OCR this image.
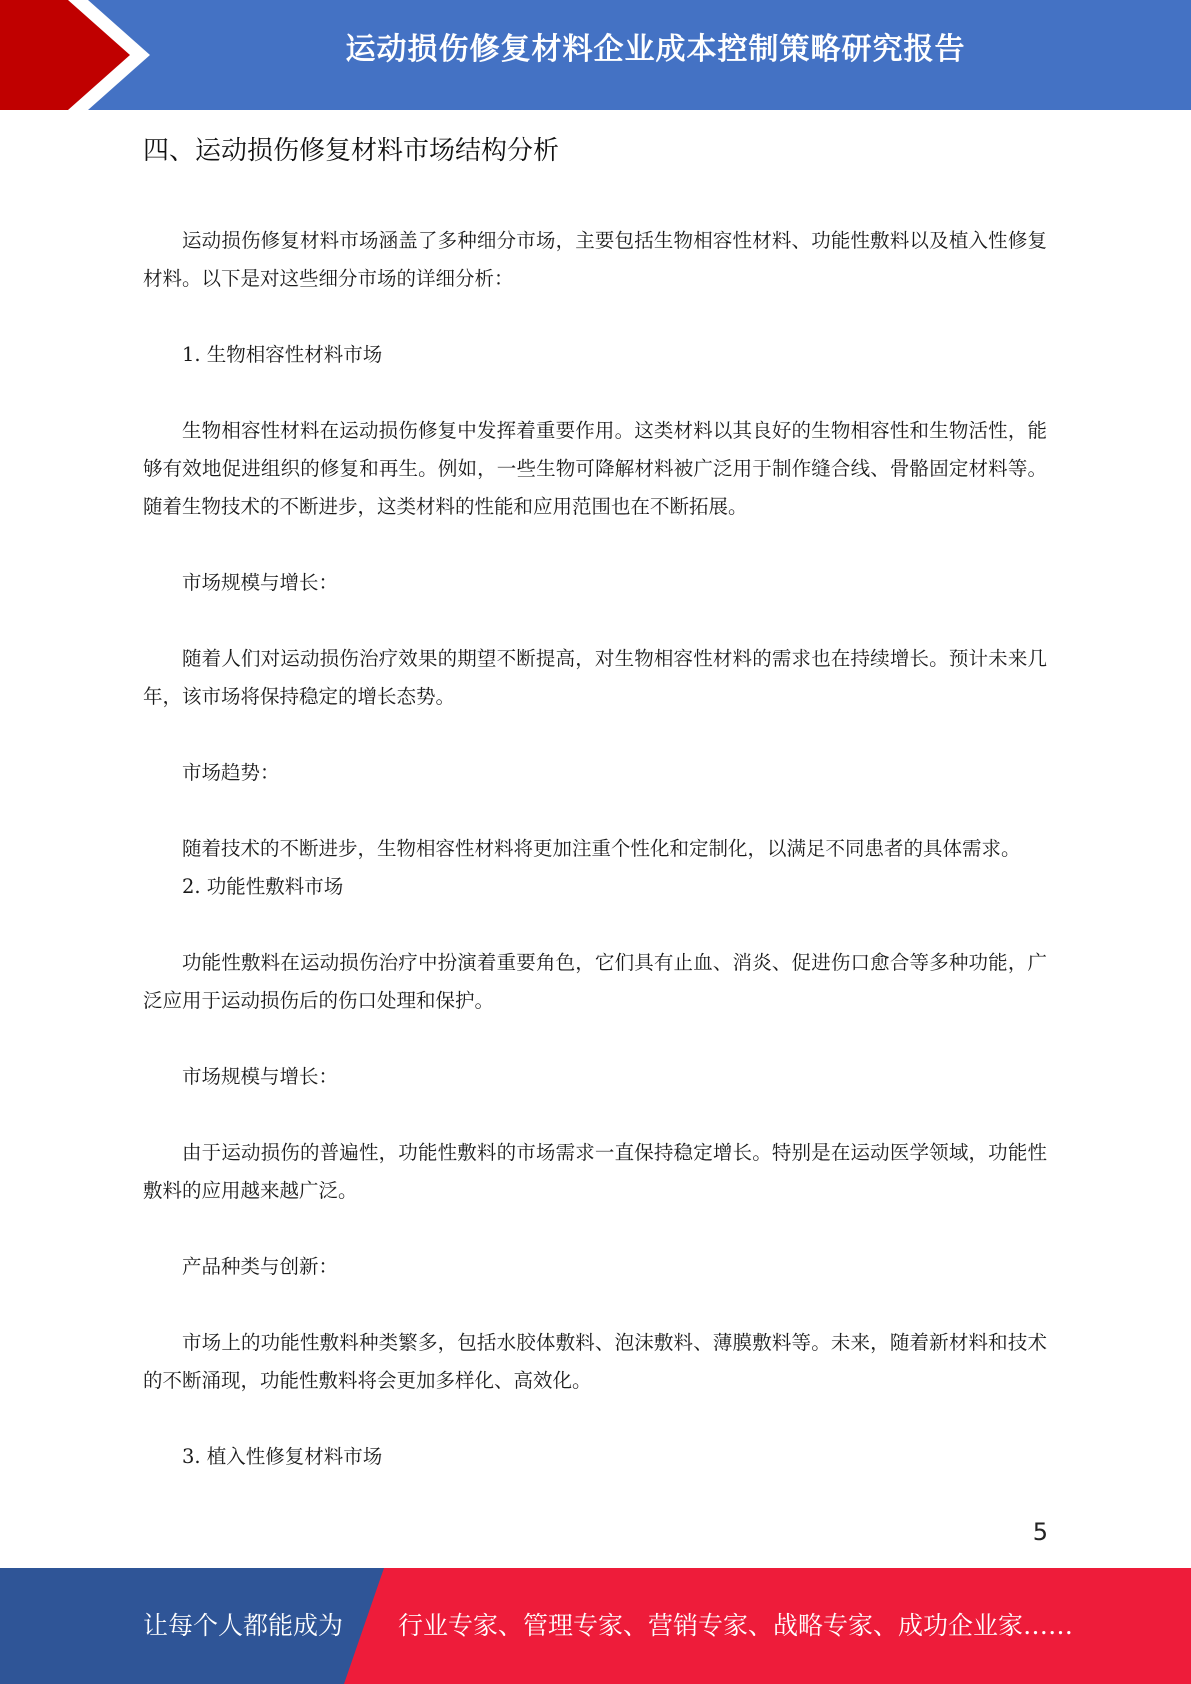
运动损伤修复材料企业成本控制策略研究报告
四、运动损伤修复材料市场结构分析

运动损伤修复材料市场涵盖了多种细分市场，主要包括生物相容性材料、功能性敷料以及植入性修复材料。以下是对这些细分市场的详细分析：

1. 生物相容性材料市场

生物相容性材料在运动损伤修复中发挥着重要作用。这类材料以其良好的生物相容性和生物活性，能够有效地促进组织的修复和再生。例如，一些生物可降解材料被广泛用于制作缝合线、骨骼固定材料等。随着生物技术的不断进步，这类材料的性能和应用范围也在不断拓展。

市场规模与增长：

随着人们对运动损伤治疗效果的期望不断提高，对生物相容性材料的需求也在持续增长。预计未来几年，该市场将保持稳定的增长态势。

市场趋势：

随着技术的不断进步，生物相容性材料将更加注重个性化和定制化，以满足不同患者的具体需求。

2. 功能性敷料市场

功能性敷料在运动损伤治疗中扮演着重要角色，它们具有止血、消炎、促进伤口愈合等多种功能，广泛应用于运动损伤后的伤口处理和保护。

市场规模与增长：

由于运动损伤的普遍性，功能性敷料的市场需求一直保持稳定增长。特别是在运动医学领域，功能性敷料的应用越来越广泛。

产品种类与创新：

市场上的功能性敷料种类繁多，包括水胶体敷料、泡沫敷料、薄膜敷料等。未来，随着新材料和技术的不断涌现，功能性敷料将会更加多样化、高效化。

3. 植入性修复材料市场

5
让每个人都能成为 行业专家、管理专家、营销专家、战略专家、成功企业家……
